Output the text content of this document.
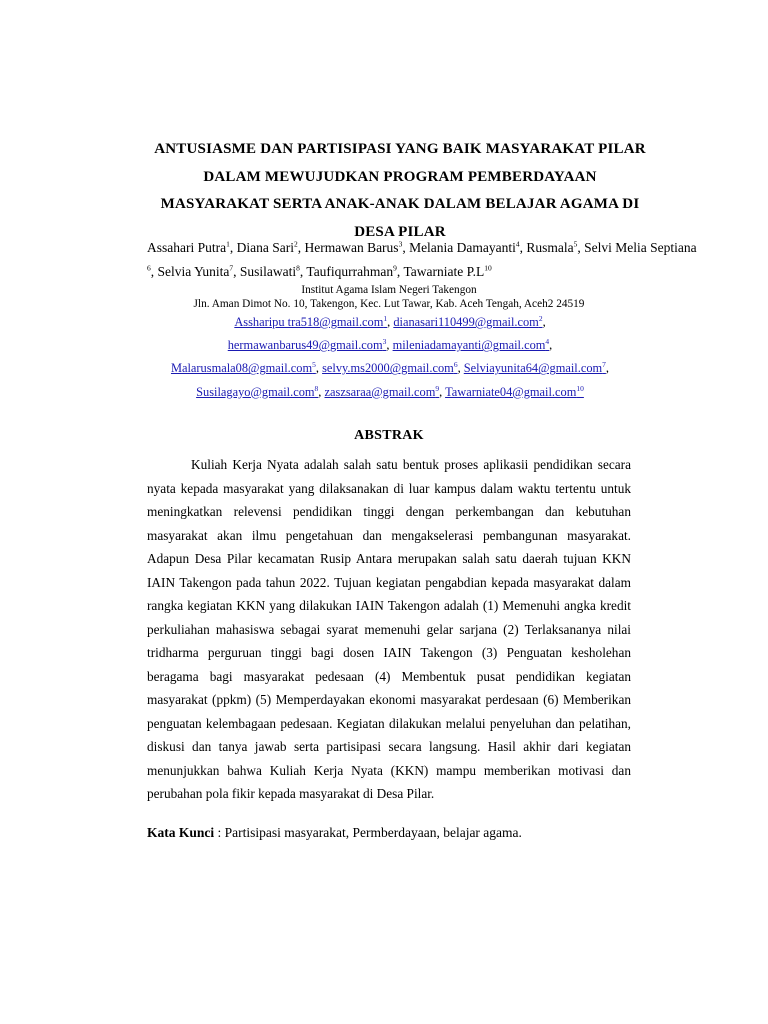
ANTUSIASME DAN PARTISIPASI YANG BAIK MASYARAKAT PILAR
DALAM MEWUJUDKAN PROGRAM PEMBERDAYAAN
MASYARAKAT SERTA ANAK-ANAK DALAM BELAJAR AGAMA DI
DESA PILAR
Assahari Putra$^1$, Diana Sari$^2$, Hermawan Barus$^3$, Melania Damayanti$^4$, Rusmala$^5$, Selvi Melia Septiana
$^6$, Selvia Yunita$^7$, Susilawati$^8$, Taufiqurrahman$^9$, Tawarniate $P.L^{10}$
Institut Agama Islam Negeri Takengon
Jln. Aman Dimot No. 10, Takengon, Kec. Lut Tawar, Kab. Aceh Tengah, Aceh2 24519
Assharipu tra518@gmail.com$^1$, dianasari110499@gmail.com$^2$,
hermawanbarus49@gmail.com$^3$, mileniadamayanti@gmail.com$^4$,
Malarusmala08@gmail.com$^5$, selvy.ms2000@gmail.com$^6$, Selviayunita64@gmail.com$^7$,
Susilagayo@gmail.com$^8$, zaszsaraa@gmail.com$^9$, Tawarniate04@gmail.com$^{10}$
ABSTRAK
Kuliah Kerja Nyata adalah salah satu bentuk proses aplikasii pendidikan secara
nyata kepada masyarakat yang dilaksanakan di luar kampus dalam waktu tertentu untuk
meningkatkan relevensi pendidikan tinggi dengan perkembangan dan kebutuhan
masyarakat akan ilmu pengetahuan dan mengakselerasi pembangunan masyarakat.
Adapun Desa Pilar kecamatan Rusip Antara merupakan salah satu daerah tujuan KKN
IAIN Takengon pada tahun 2022. Tujuan kegiatan pengabdian kepada masyarakat dalam
rangka kegiatan KKN yang dilakukan IAIN Takengon adalah (1) Memenuhi angka kredit
perkuliahan mahasiswa sebagai syarat memenuhi gelar sarjana (2) Terlaksananya nilai
tridharma perguruan tinggi bagi dosen IAIN Takengon (3) Penguatan kesholehan
beragama bagi masyarakat pedesaan (4) Membentuk pusat pendidikan kegiatan
masyarakat (ppkm) (5) Memperdayakan ekonomi masyarakat perdesaan (6) Memberikan
penguatan kelembagaan pedesaan. Kegiatan dilakukan melalui penyeluhan dan pelatihan,
diskusi dan tanya jawab serta partisipasi secara langsung. Hasil akhir dari kegiatan
menunjukkan bahwa Kuliah Kerja Nyata (KKN) mampu memberikan motivasi dan
perubahan pola fikir kepada masyarakat di Desa Pilar.
Kata Kunci : Partisipasi masyarakat, Permberdayaan, belajar agama.
